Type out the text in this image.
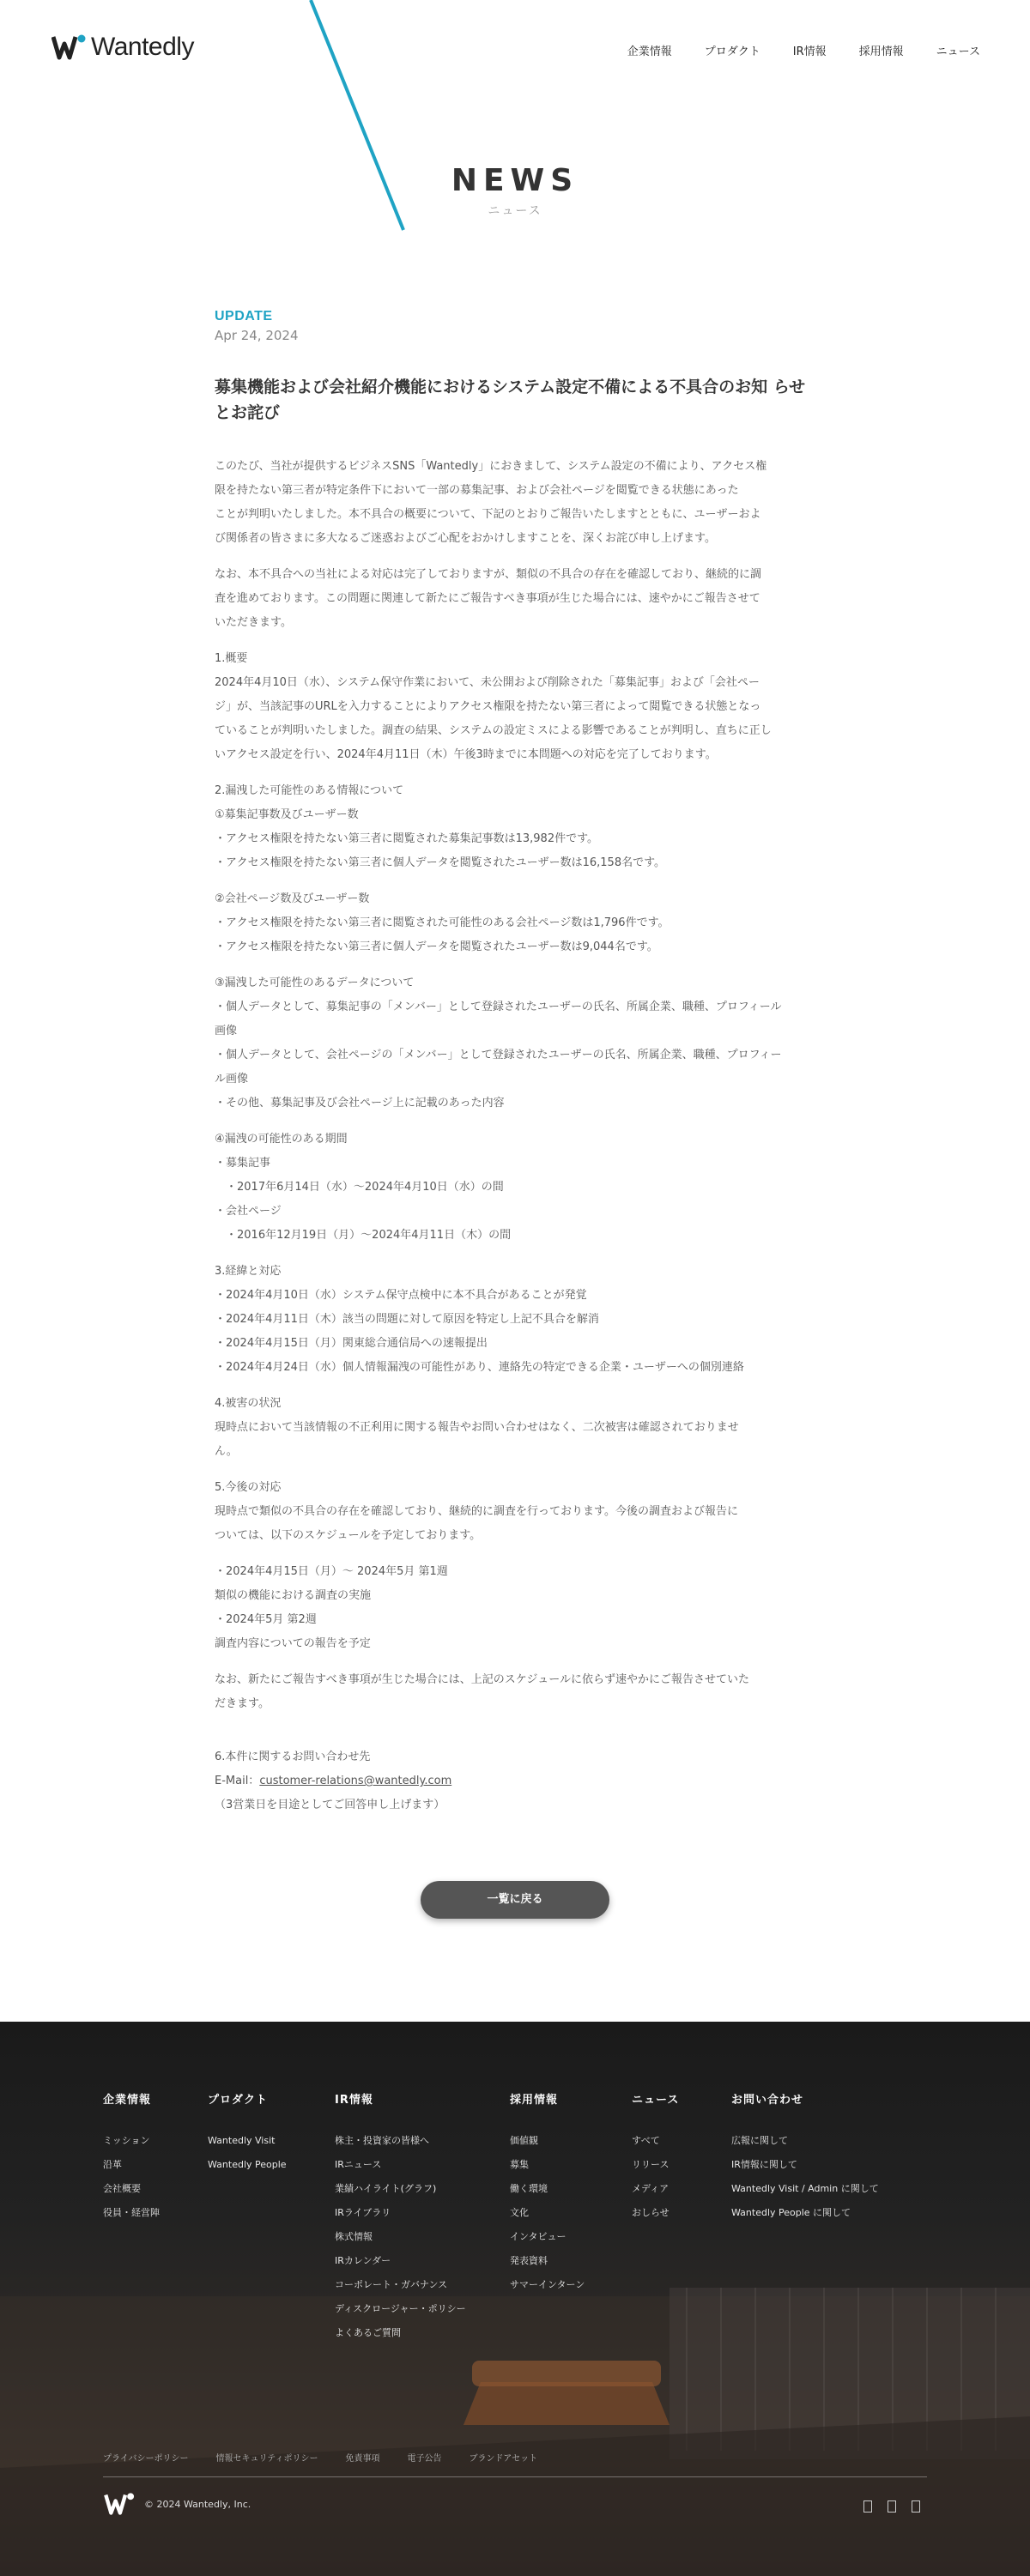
Wantedly	企業情報	プロダクト	IR情報	採用情報	ニュース
NEWS
ニュース
UPDATE
Apr 24, 2024
募集機能および会社紹介機能におけるシステム設定不備による不具合のお知 らせとお詫び

このたび、当社が提供するビジネスSNS「Wantedly」におきまして、システム設定の不備により、アクセス権
限を持たない第三者が特定条件下において一部の募集記事、および会社ページを閲覧できる状態にあった
ことが判明いたしました。本不具合の概要について、下記のとおりご報告いたしますとともに、ユーザーおよ
び関係者の皆さまに多大なるご迷惑およびご心配をおかけしますことを、深くお詫び申し上げます。

なお、本不具合への当社による対応は完了しておりますが、類似の不具合の存在を確認しており、継続的に調
査を進めております。この問題に関連して新たにご報告すべき事項が生じた場合には、速やかにご報告させて
いただきます。

1.概要
2024年4月10日（水）、システム保守作業において、未公開および削除された「募集記事」および「会社ペー
ジ」が、当該記事のURLを入力することによりアクセス権限を持たない第三者によって閲覧できる状態となっ
ていることが判明いたしました。調査の結果、システムの設定ミスによる影響であることが判明し、直ちに正し
いアクセス設定を行い、2024年4月11日（木）午後3時までに本問題への対応を完了しております。

2.漏洩した可能性のある情報について
①募集記事数及びユーザー数
・アクセス権限を持たない第三者に閲覧された募集記事数は13,982件です。
・アクセス権限を持たない第三者に個人データを閲覧されたユーザー数は16,158名です。

②会社ページ数及びユーザー数
・アクセス権限を持たない第三者に閲覧された可能性のある会社ページ数は1,796件です。
・アクセス権限を持たない第三者に個人データを閲覧されたユーザー数は9,044名です。

③漏洩した可能性のあるデータについて
・個人データとして、募集記事の「メンバー」として登録されたユーザーの氏名、所属企業、職種、プロフィール
画像
・個人データとして、会社ページの「メンバー」として登録されたユーザーの氏名、所属企業、職種、プロフィー
ル画像
・その他、募集記事及び会社ページ上に記載のあった内容

④漏洩の可能性のある期間
・募集記事
　・2017年6月14日（水）～2024年4月10日（水）の間
・会社ページ
　・2016年12月19日（月）～2024年4月11日（木）の間

3.経緯と対応
・2024年4月10日（水）システム保守点検中に本不具合があることが発覚
・2024年4月11日（木）該当の問題に対して原因を特定し上記不具合を解消
・2024年4月15日（月）関東総合通信局への速報提出
・2024年4月24日（水）個人情報漏洩の可能性があり、連絡先の特定できる企業・ユーザーへの個別連絡

4.被害の状況
現時点において当該情報の不正利用に関する報告やお問い合わせはなく、二次被害は確認されておりませ
ん。

5.今後の対応
現時点で類似の不具合の存在を確認しており、継続的に調査を行っております。今後の調査および報告に
ついては、以下のスケジュールを予定しております。

・2024年4月15日（月）～ 2024年5月 第1週
類似の機能における調査の実施
・2024年5月 第2週
調査内容についての報告を予定

なお、新たにご報告すべき事項が生じた場合には、上記のスケジュールに依らず速やかにご報告させていた
だきます。

6.本件に関するお問い合わせ先
E-Mail：customer-relations@wantedly.com
（3営業日を目途としてご回答申し上げます）

一覧に戻る
企業情報
ミッション
沿革
会社概要
役員・経営陣
プロダクト
Wantedly Visit
Wantedly People
IR情報
株主・投資家の皆様へ
IRニュース
業績ハイライト(グラフ)
IRライブラリ
株式情報
IRカレンダー
コーポレート・ガバナンス
ディスクロージャー・ポリシー
よくあるご質問
採用情報
価値観
募集
働く環境
文化
インタビュー
発表資料
サマーインターン
ニュース
すべて
リリース
メディア
おしらせ
お問い合わせ
広報に関して
IR情報に関して
Wantedly Visit / Admin に関して
Wantedly People に関して
プライバシーポリシー	情報セキュリティポリシー	免責事項	電子公告	ブランドアセット
© 2024 Wantedly, Inc.
